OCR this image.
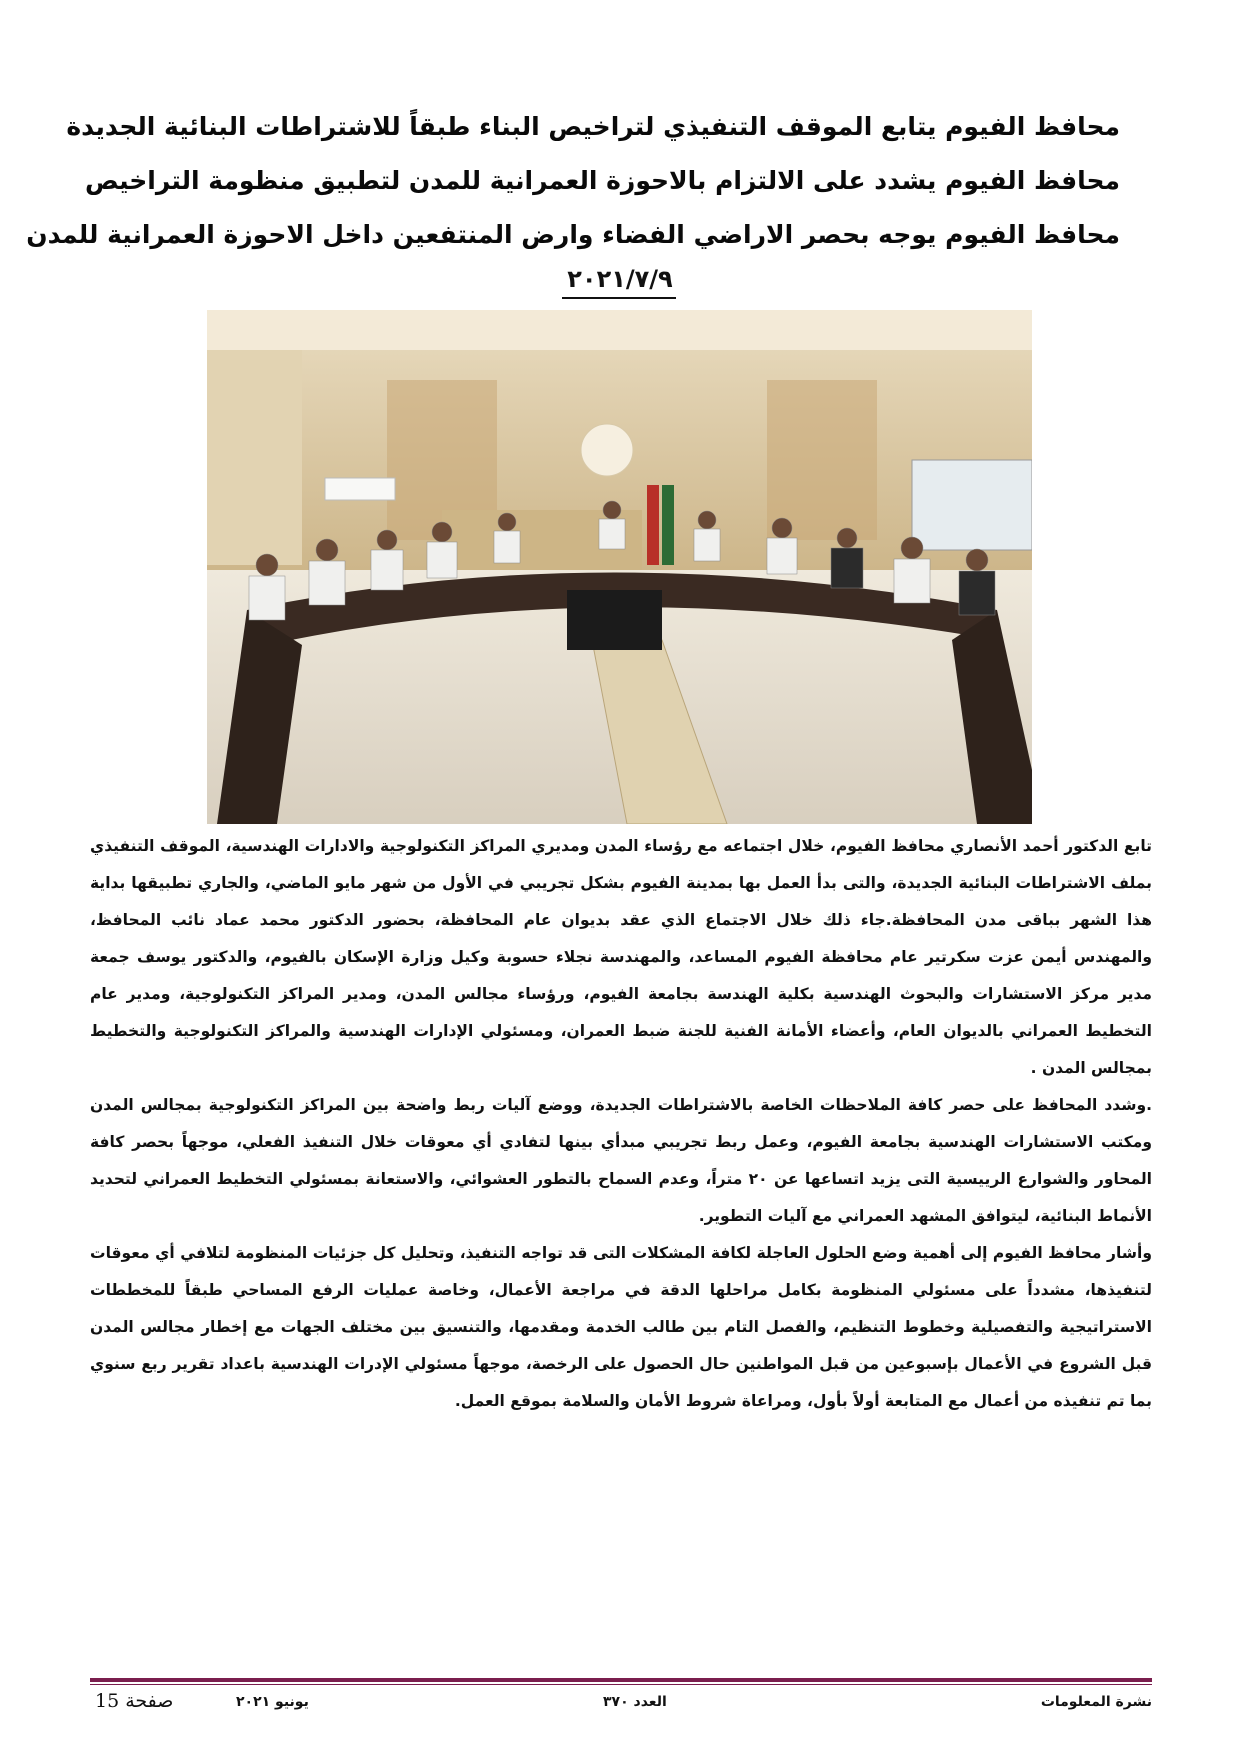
محافظ الفيوم يتابع الموقف التنفيذي لتراخيص البناء طبقاً للاشتراطات البنائية الجديدة
محافظ الفيوم يشدد على الالتزام بالاحوزة العمرانية للمدن لتطبيق منظومة التراخيص
محافظ الفيوم يوجه بحصر الاراضي الفضاء وارض المنتفعين داخل الاحوزة العمرانية للمدن
٢٠٢١/٧/٩

تابع الدكتور أحمد الأنصاري محافظ الفيوم، خلال اجتماعه مع رؤساء المدن ومديري المراكز التكنولوجية والادارات الهندسية، الموقف التنفيذي بملف الاشتراطات البنائية الجديدة، والتى بدأ العمل بها بمدينة الفيوم بشكل تجريبي في الأول من شهر مايو الماضي، والجاري تطبيقها بداية هذا الشهر بباقى مدن المحافظة.جاء ذلك خلال الاجتماع الذي عقد بديوان عام المحافظة، بحضور الدكتور محمد عماد نائب المحافظ، والمهندس أيمن عزت سكرتير عام محافظة الفيوم المساعد، والمهندسة نجلاء حسوبة وكيل وزارة الإسكان بالفيوم، والدكتور يوسف جمعة مدير مركز الاستشارات والبحوث الهندسية بكلية الهندسة بجامعة الفيوم، ورؤساء مجالس المدن، ومدير المراكز التكنولوجية، ومدير عام التخطيط العمراني بالديوان العام، وأعضاء الأمانة الفنية للجنة ضبط العمران، ومسئولي الإدارات الهندسية والمراكز التكنولوجية والتخطيط بمجالس المدن .

.وشدد المحافظ على حصر كافة الملاحظات الخاصة بالاشتراطات الجديدة، ووضع آليات ربط واضحة بين المراكز التكنولوجية بمجالس المدن ومكتب الاستشارات الهندسية بجامعة الفيوم، وعمل ربط تجريبي مبدأي بينها لتفادي أي معوقات خلال التنفيذ الفعلي، موجهاً بحصر كافة المحاور والشوارع الرييسية التى يزيد اتساعها عن ٢٠ متراً، وعدم السماح بالتطور العشوائي، والاستعانة بمسئولي التخطيط العمراني لتحديد الأنماط البنائية، ليتوافق المشهد العمراني مع آليات التطوير.

وأشار محافظ الفيوم إلى أهمية وضع الحلول العاجلة لكافة المشكلات التى قد تواجه التنفيذ، وتحليل كل جزئيات المنظومة لتلافي أي معوقات لتنفيذها، مشدداً على مسئولي المنظومة بكامل مراحلها الدقة في مراجعة الأعمال، وخاصة عمليات الرفع المساحي طبقاً للمخططات الاستراتيجية والتفصيلية وخطوط التنظيم، والفصل التام بين طالب الخدمة ومقدمها، والتنسيق بين مختلف الجهات مع إخطار مجالس المدن قبل الشروع في الأعمال بإسبوعين من قبل المواطنين حال الحصول على الرخصة، موجهاً مسئولي الإدرات الهندسية باعداد تقرير ربع سنوي بما تم تنفيذه من أعمال مع المتابعة أولاً بأول، ومراعاة شروط الأمان والسلامة بموقع العمل.

صفحة 15	يونيو ٢٠٢١	العدد ٣٧٠	نشرة المعلومات
